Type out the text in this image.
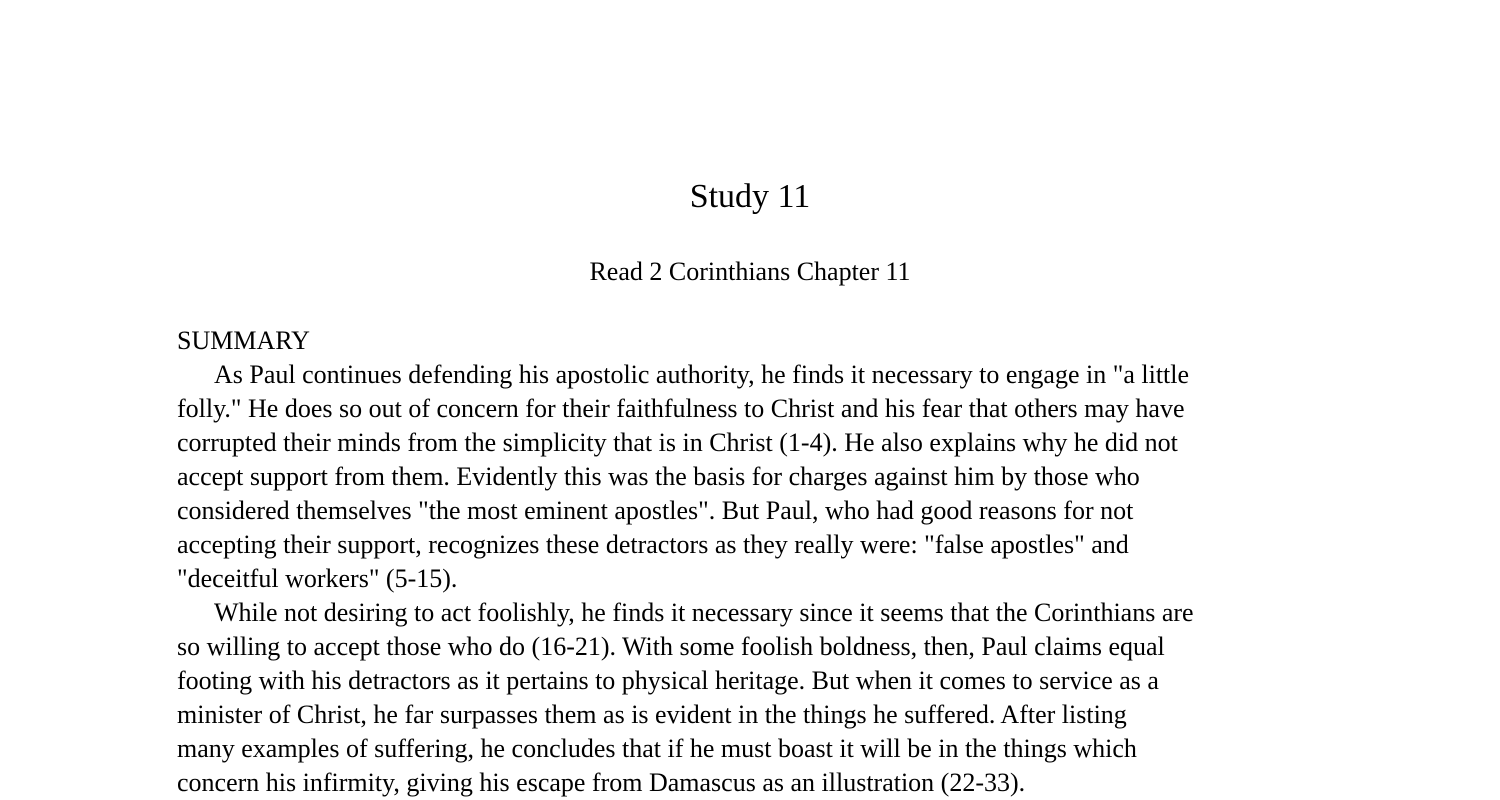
Study 11
Read 2 Corinthians Chapter 11
SUMMARY
As Paul continues defending his apostolic authority, he finds it necessary to engage in "a little
folly." He does so out of concern for their faithfulness to Christ and his fear that others may have
corrupted their minds from the simplicity that is in Christ (1-4). He also explains why he did not
accept support from them. Evidently this was the basis for charges against him by those who
considered themselves "the most eminent apostles". But Paul, who had good reasons for not
accepting their support, recognizes these detractors as they really were: "false apostles" and
"deceitful workers" (5-15).
While not desiring to act foolishly, he finds it necessary since it seems that the Corinthians are
so willing to accept those who do (16-21). With some foolish boldness, then, Paul claims equal
footing with his detractors as it pertains to physical heritage. But when it comes to service as a
minister of Christ, he far surpasses them as is evident in the things he suffered. After listing
many examples of suffering, he concludes that if he must boast it will be in the things which
concern his infirmity, giving his escape from Damascus as an illustration (22-33).
